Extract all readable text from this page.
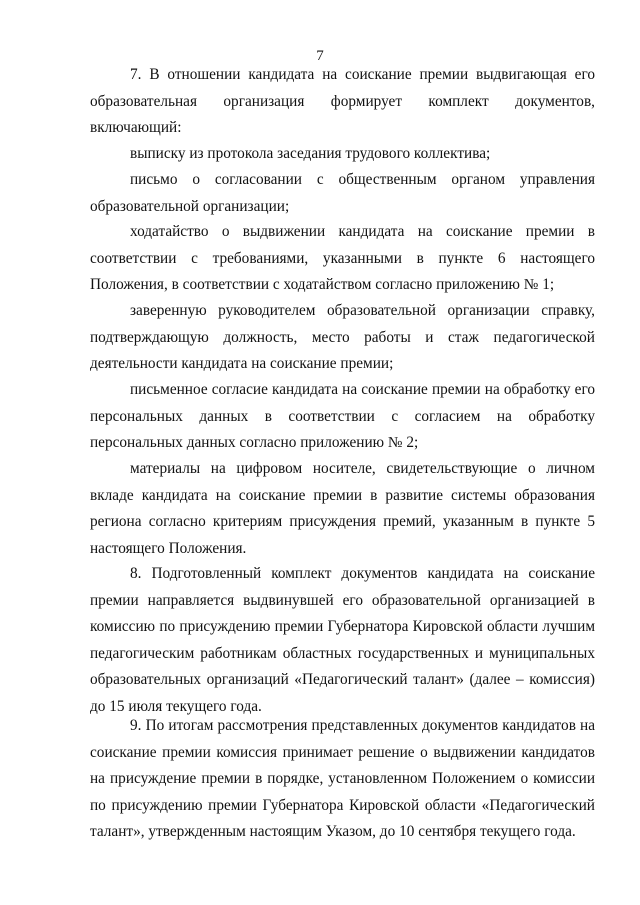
7

7. В отношении кандидата на соискание премии выдвигающая его образовательная организация формирует комплект документов, включающий:

выписку из протокола заседания трудового коллектива;

письмо о согласовании с общественным органом управления образовательной организации;

ходатайство о выдвижении кандидата на соискание премии в соответствии с требованиями, указанными в пункте 6 настоящего Положения, в соответствии с ходатайством согласно приложению № 1;

заверенную руководителем образовательной организации справку, подтверждающую должность, место работы и стаж педагогической деятельности кандидата на соискание премии;

письменное согласие кандидата на соискание премии на обработку его персональных данных в соответствии с согласием на обработку персональных данных согласно приложению № 2;

материалы на цифровом носителе, свидетельствующие о личном вкладе кандидата на соискание премии в развитие системы образования региона согласно критериям присуждения премий, указанным в пункте 5 настоящего Положения.

8. Подготовленный комплект документов кандидата на соискание премии направляется выдвинувшей его образовательной организацией в комиссию по присуждению премии Губернатора Кировской области лучшим педагогическим работникам областных государственных и муниципальных образовательных организаций «Педагогический талант» (далее – комиссия) до 15 июля текущего года.

9. По итогам рассмотрения представленных документов кандидатов на соискание премии комиссия принимает решение о выдвижении кандидатов на присуждение премии в порядке, установленном Положением о комиссии по присуждению премии Губернатора Кировской области «Педагогический талант», утвержденным настоящим Указом, до 10 сентября текущего года.
